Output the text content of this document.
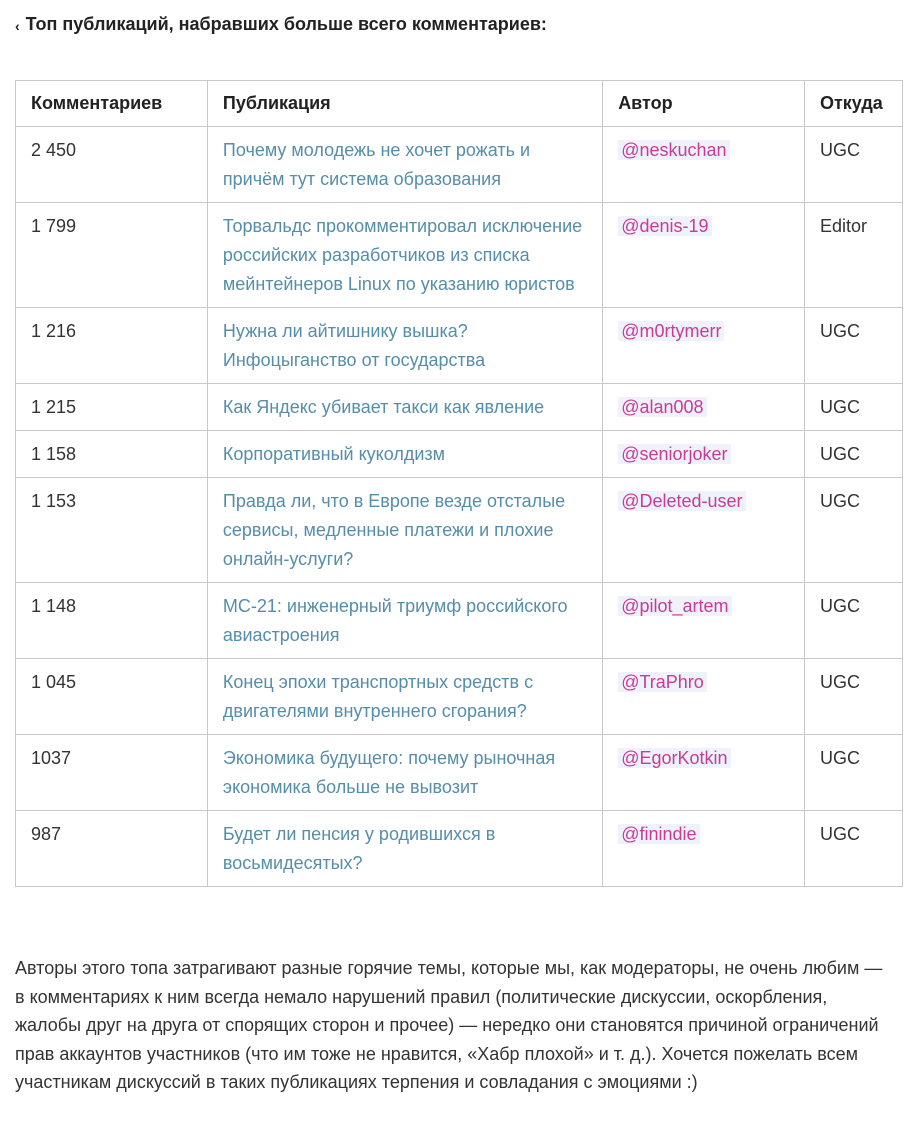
‹ Топ публикаций, набравших больше всего комментариев:
Комментариев	Публикация	Автор	Откуда
2 450	Почему молодежь не хочет рожать и причём тут система образования	@neskuchan	UGC
1 799	Торвальдс прокомментировал исключение российских разработчиков из списка мейнтейнеров Linux по указанию юристов	@denis-19	Editor
1 216	Нужна ли айтишнику вышка? Инфоцыганство от государства	@m0rtymerr	UGC
1 215	Как Яндекс убивает такси как явление	@alan008	UGC
1 158	Корпоративный куколдизм	@seniorjoker	UGC
1 153	Правда ли, что в Европе везде отсталые сервисы, медленные платежи и плохие онлайн-услуги?	@Deleted-user	UGC
1 148	МС-21: инженерный триумф российского авиастроения	@pilot_artem	UGC
1 045	Конец эпохи транспортных средств с двигателями внутреннего сгорания?	@TraPhro	UGC
1037	Экономика будущего: почему рыночная экономика больше не вывозит	@EgorKotkin	UGC
987	Будет ли пенсия у родившихся в восьмидесятых?	@finindie	UGC
Авторы этого топа затрагивают разные горячие темы, которые мы, как модераторы, не очень любим — в комментариях к ним всегда немало нарушений правил (политические дискуссии, оскорбления, жалобы друг на друга от спорящих сторон и прочее) — нередко они становятся причиной ограничений прав аккаунтов участников (что им тоже не нравится, «Хабр плохой» и т. д.). Хочется пожелать всем участникам дискуссий в таких публикациях терпения и совладания с эмоциями :)
